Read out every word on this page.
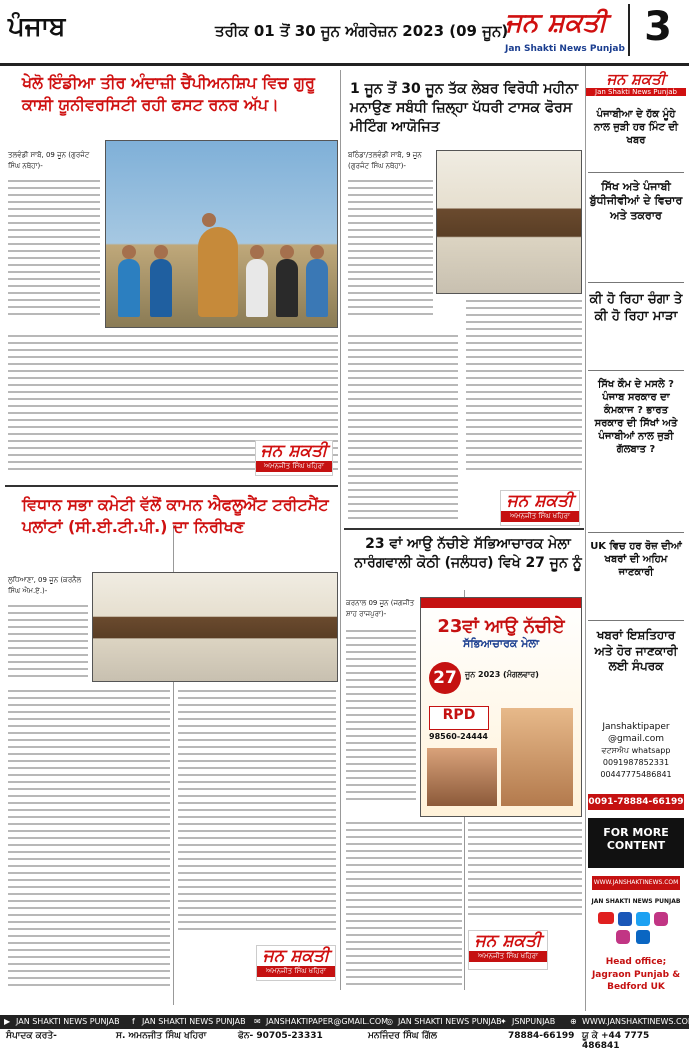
ਪੰਜਾਬ	ਤਰੀਕ 01 ਤੋਂ 30 ਜੂਨ ਅੰਗਰੇਜ਼ਨ 2023 (09 ਜੂਨ)
ਜਨ ਸ਼ਕਤੀ
Jan Shakti News Punjab 3
ਖੇਲੋ ਇੰਡੀਆ ਤੀਰ ਅੰਦਾਜ਼ੀ ਚੈਂਪੀਅਨਸ਼ਿਪ ਵਿਚ ਗੁਰੂ ਕਾਸ਼ੀ ਯੂਨੀਵਰਸਿਟੀ ਰਹੀ ਫਸਟ ਰਨਰ ਅੱਪ।
ਤਲਵੰਡੀ ਸਾਬੋ, 09 ਜੂਨ (ਗੁਰਜੰਟ ਸਿੰਘ ਨਥੇਹਾ)-
ਜਨ ਸ਼ਕਤੀ
ਅਮਨਜੀਤ ਸਿੰਘ ਖਹਿਰਾ
1 ਜੂਨ ਤੋਂ 30 ਜੂਨ ਤੱਕ ਲੇਬਰ ਵਿਰੋਧੀ ਮਹੀਨਾ ਮਨਾਉਣ ਸਬੰਧੀ ਜ਼ਿਲ੍ਹਾ ਪੱਧਰੀ ਟਾਸਕ ਫੋਰਸ ਮੀਟਿੰਗ ਆਯੋਜਿਤ
ਬਠਿੰਡਾ/ਤਲਵੰਡੀ ਸਾਬੋ, 9 ਜੂਨ (ਗੁਰਜੰਟ ਸਿੰਘ ਨਥੇਹਾ)-
ਜਨ ਸ਼ਕਤੀ
ਅਮਨਜੀਤ ਸਿੰਘ ਖਹਿਰਾ
ਵਿਧਾਨ ਸਭਾ ਕਮੇਟੀ ਵੱਲੋਂ ਕਾਮਨ ਐਫਲੂਐਂਟ ਟਰੀਟਮੈਂਟ ਪਲਾਂਟਾਂ (ਸੀ.ਈ.ਟੀ.ਪੀ.) ਦਾ ਨਿਰੀਖਣ
ਲੁਧਿਆਣਾ, 09 ਜੂਨ (ਕਰਨੈਲ ਸਿੰਘ ਐਮ.ਏ.)-
ਜਨ ਸ਼ਕਤੀ
ਅਮਨਜੀਤ ਸਿੰਘ ਖਹਿਰਾ
23 ਵਾਂ ਆਉ ਨੱਚੀਏ ਸੱਭਿਆਚਾਰਕ ਮੇਲਾ ਨਾਰੰਗਵਾਲੀ ਕੋਠੀ (ਜਲੰਧਰ) ਵਿਖੇ 27 ਜੂਨ ਨੂੰ
ਕਰਨਾਲ 09 ਜੂਨ (ਜਗਜੀਤ ਸ਼ਾਹ ਰਾਜਪੁਰਾ)-
23ਵਾਂ ਆਉ ਨੱਚੀਏ
ਸੱਭਿਆਚਾਰਕ ਮੇਲਾ
27	ਜੂਨ 2023 (ਮੰਗਲਵਾਰ)
RPD
98560-24444
ਜਨ ਸ਼ਕਤੀ
ਅਮਨਜੀਤ ਸਿੰਘ ਖਹਿਰਾ
ਜਨ ਸ਼ਕਤੀ
Jan Shakti News Punjab
ਪੰਜਾਬੀਆ ਦੇ ਹੱਕ ਮੂੰਹੇ ਨਾਲ ਜੁੜੀ ਹਰ ਮਿੰਟ ਦੀ ਖਬਰ
ਸਿੱਖ ਅਤੇ ਪੰਜਾਬੀ ਬੁੱਧੀਜੀਵੀਆਂ ਦੇ ਵਿਚਾਰ ਅਤੇ ਤਕਰਾਰ
ਕੀ ਹੋ ਰਿਹਾ ਚੰਗਾ ਤੇ ਕੀ ਹੋ ਰਿਹਾ ਮਾੜਾ
ਸਿੱਖ ਕੌਮ ਦੇ ਮਸਲੇ ? ਪੰਜਾਬ ਸਰਕਾਰ ਦਾ ਕੰਮਕਾਜ ? ਭਾਰਤ ਸਰਕਾਰ ਦੀ ਸਿੱਖਾਂ ਅਤੇ ਪੰਜਾਬੀਆਂ ਨਾਲ ਜੁੜੀ ਗੱਲਬਾਤ ?
UK ਵਿਚ ਹਰ ਰੋਜ਼ ਦੀਆਂ ਖਬਰਾਂ ਦੀ ਅਹਿਮ ਜਾਣਕਾਰੀ
ਖਬਰਾਂ ਇਸ਼ਤਿਹਾਰ ਅਤੇ ਹੋਰ ਜਾਣਕਾਰੀ ਲਈ ਸੰਪਰਕ
Janshaktipaper @gmail.com
ਵਟਸਐਪ whatsapp
0091987852331
00447775486841
0091-78884-66199
FOR MORE CONTENT
WWW.JANSHAKTINEWS.COM
JAN SHAKTI NEWS PUNJAB
Head office; Jagraon Punjab & Bedford UK
▶ JAN SHAKTI NEWS PUNJAB f JAN SHAKTI NEWS PUNJAB ✉ JANSHAKTIPAPER@GMAIL.COM
◎ JAN SHAKTI NEWS PUNJAB
✦ JSNPUNJAB ⊕ WWW.JANSHAKTINEWS.COM
ਸੰਪਾਦਕ ਕਰਤੇ-	ਸ. ਅਮਨਜੀਤ ਸਿੰਘ ਖਹਿਰਾ	ਫੋਨ- 90705-23331	ਮਨਜਿੰਦਰ ਸਿੰਘ ਗਿੱਲ	78884-66199 ਯੂ ਕੇ +44 7775 486841
